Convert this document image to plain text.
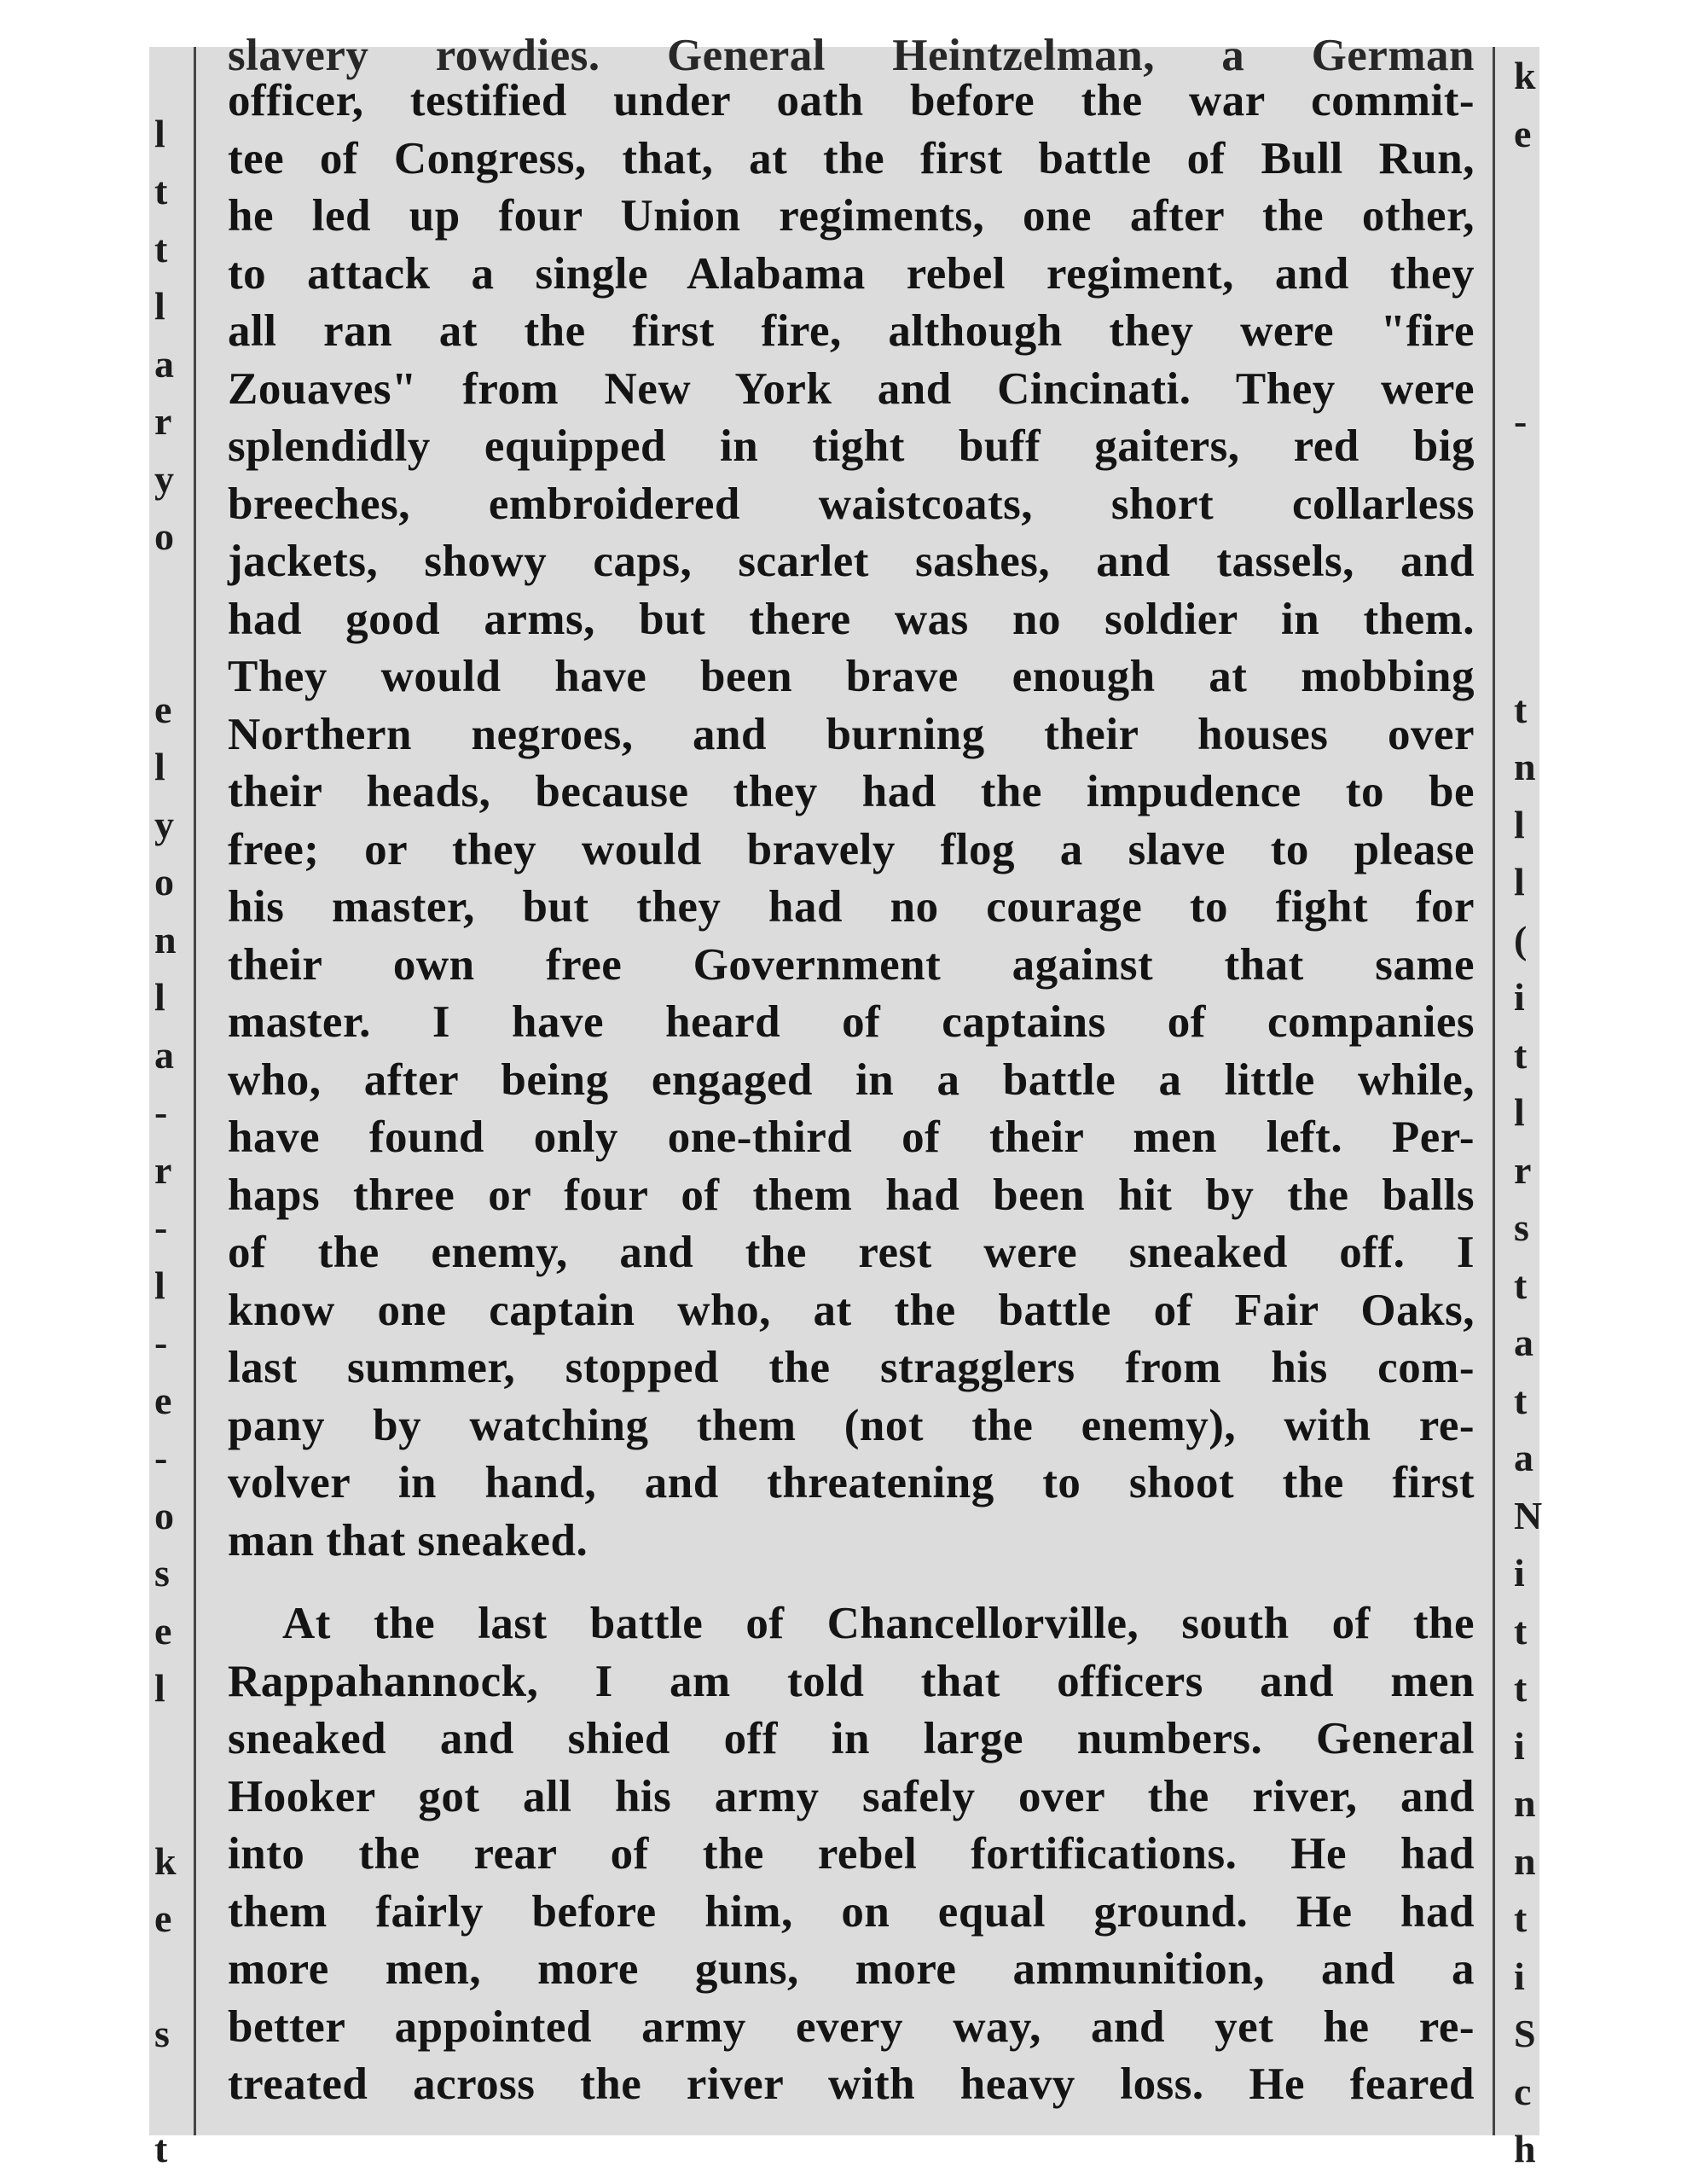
l
t
t
l
a
r
y
o
e
l
y
o
n
l
a
-
r
-
l
-
e
-
o
s
e
l
k
e
s
t
k
e
-
t
n
l
l
(
i
t
l
r
s
t
a
t
a
N
i
t
t
i
n
n
t
i
S
c
h
slavery rowdies. General Heintzelman, a German
officer, testified under oath before the war commit-
tee of Congress, that, at the first battle of Bull Run,
he led up four Union regiments, one after the other,
to attack a single Alabama rebel regiment, and they
all ran at the first fire, although they were "fire
Zouaves" from New York and Cincinati. They were
splendidly equipped in tight buff gaiters, red big
breeches, embroidered waistcoats, short collarless
jackets, showy caps, scarlet sashes, and tassels, and
had good arms, but there was no soldier in them.
They would have been brave enough at mobbing
Northern negroes, and burning their houses over
their heads, because they had the impudence to be
free; or they would bravely flog a slave to please
his master, but they had no courage to fight for
their own free Government against that same
master. I have heard of captains of companies
who, after being engaged in a battle a little while,
have found only one-third of their men left. Per-
haps three or four of them had been hit by the balls
of the enemy, and the rest were sneaked off. I
know one captain who, at the battle of Fair Oaks,
last summer, stopped the stragglers from his com-
pany by watching them (not the enemy), with re-
volver in hand, and threatening to shoot the first
man that sneaked.
At the last battle of Chancellorville, south of the
Rappahannock, I am told that officers and men
sneaked and shied off in large numbers. General
Hooker got all his army safely over the river, and
into the rear of the rebel fortifications. He had
them fairly before him, on equal ground. He had
more men, more guns, more ammunition, and a
better appointed army every way, and yet he re-
treated across the river with heavy loss. He feared
